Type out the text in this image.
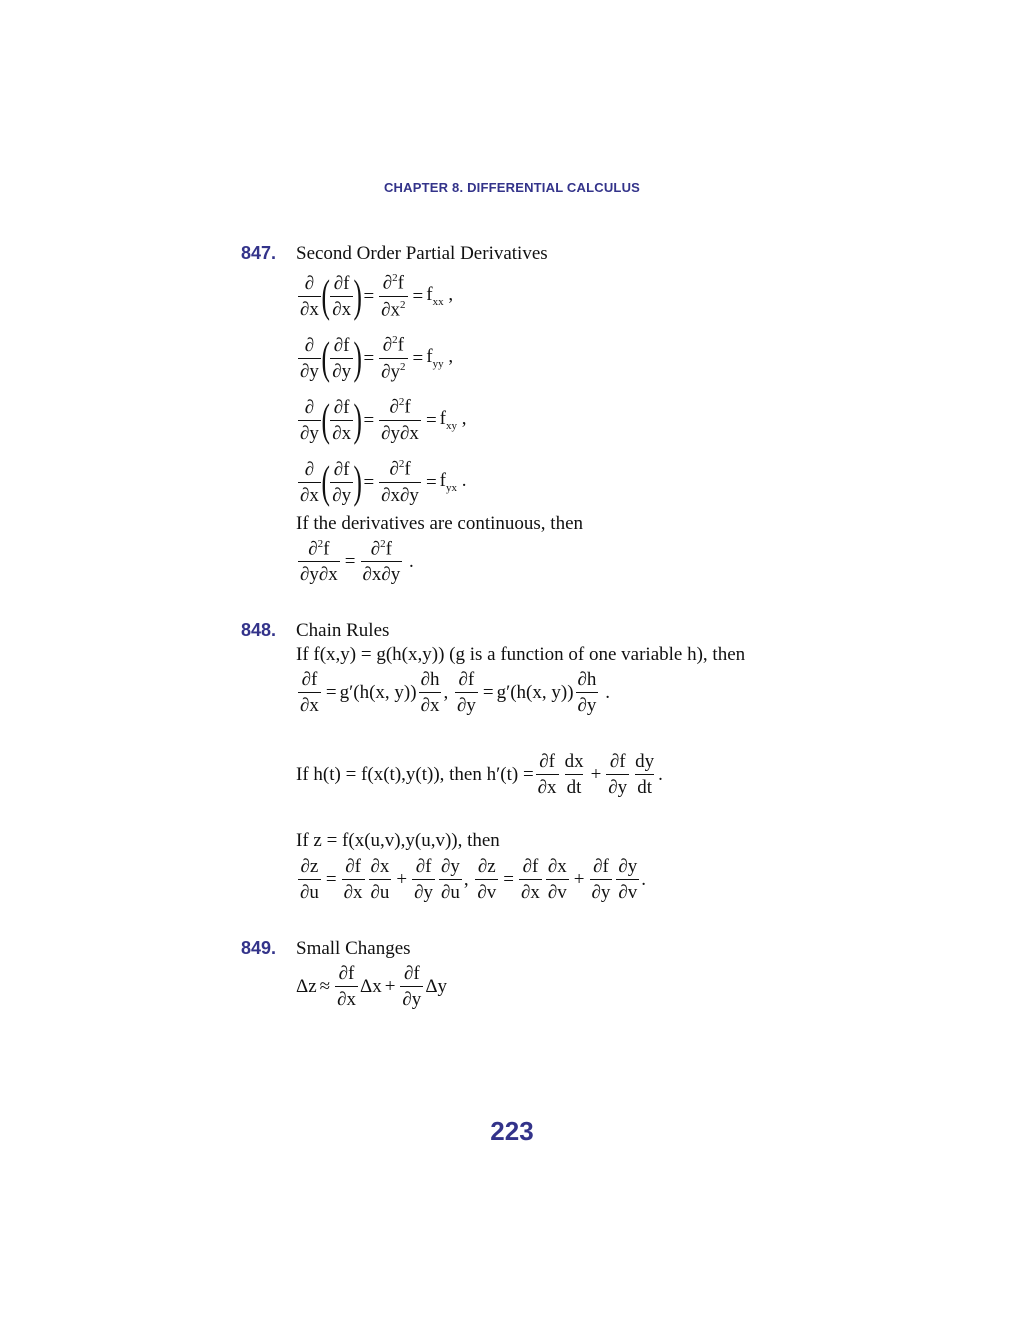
CHAPTER 8. DIFFERENTIAL CALCULUS
847. Second Order Partial Derivatives
$\frac{\partial}{\partial x}$ ( $\frac{\partial f}{\partial x}$ ) = $\frac{\partial^2f}{\partial x^2} = f_{xx}$ ,
$\frac{\partial}{\partial y}$ ( $\frac{\partial f}{\partial y}$ ) = $\frac{\partial^2f}{\partial y^2} = f_{yy}$ ,
$\frac{\partial}{\partial y}$ ( $\frac{\partial f}{\partial x}$ ) = $\frac{\partial^2f}{\partial y\partial x} = f_{xy}$ ,
$\frac{\partial}{\partial x}$ ( $\frac{\partial f}{\partial y}$ ) = $\frac{\partial^2f}{\partial x\partial y} = f_{yx}$ .
If the derivatives are continuous, then
$\frac{\partial^2f}{\partial y\partial x} = \frac{\partial^2f}{\partial x\partial y}$ .
848. Chain Rules
If f(x,y) = g(h(x,y)) (g is a function of one variable h), then
$\frac{\partial f}{\partial x} = g'(h(x$, $y)) \frac{\partial h}{\partial x}$ , $\frac{\partial f}{\partial y} = g'(h(x$, $y)) \frac{\partial h}{\partial y}$ .
If h(t) = f(x(t),y(t)), then $h'(t) = \frac{\partial f}{\partial x} \frac{dx}{dt} + \frac{\partial f}{\partial y} \frac{dy}{dt}$ .
If z = f(x(u,v),y(u,v)), then
$\frac{\partial z}{\partial u} = \frac{\partial f}{\partial x} \frac{\partial x}{\partial u} + \frac{\partial f}{\partial y} \frac{\partial y}{\partial u}$ , $\frac{\partial z}{\partial v} = \frac{\partial f}{\partial x} \frac{\partial x}{\partial v} + \frac{\partial f}{\partial y} \frac{\partial y}{\partial v}$ .
849. Small Changes
$\Delta z \approx \frac{\partial f}{\partial x}$ $\Delta x + \frac{\partial f}{\partial y}$ Δy
223
